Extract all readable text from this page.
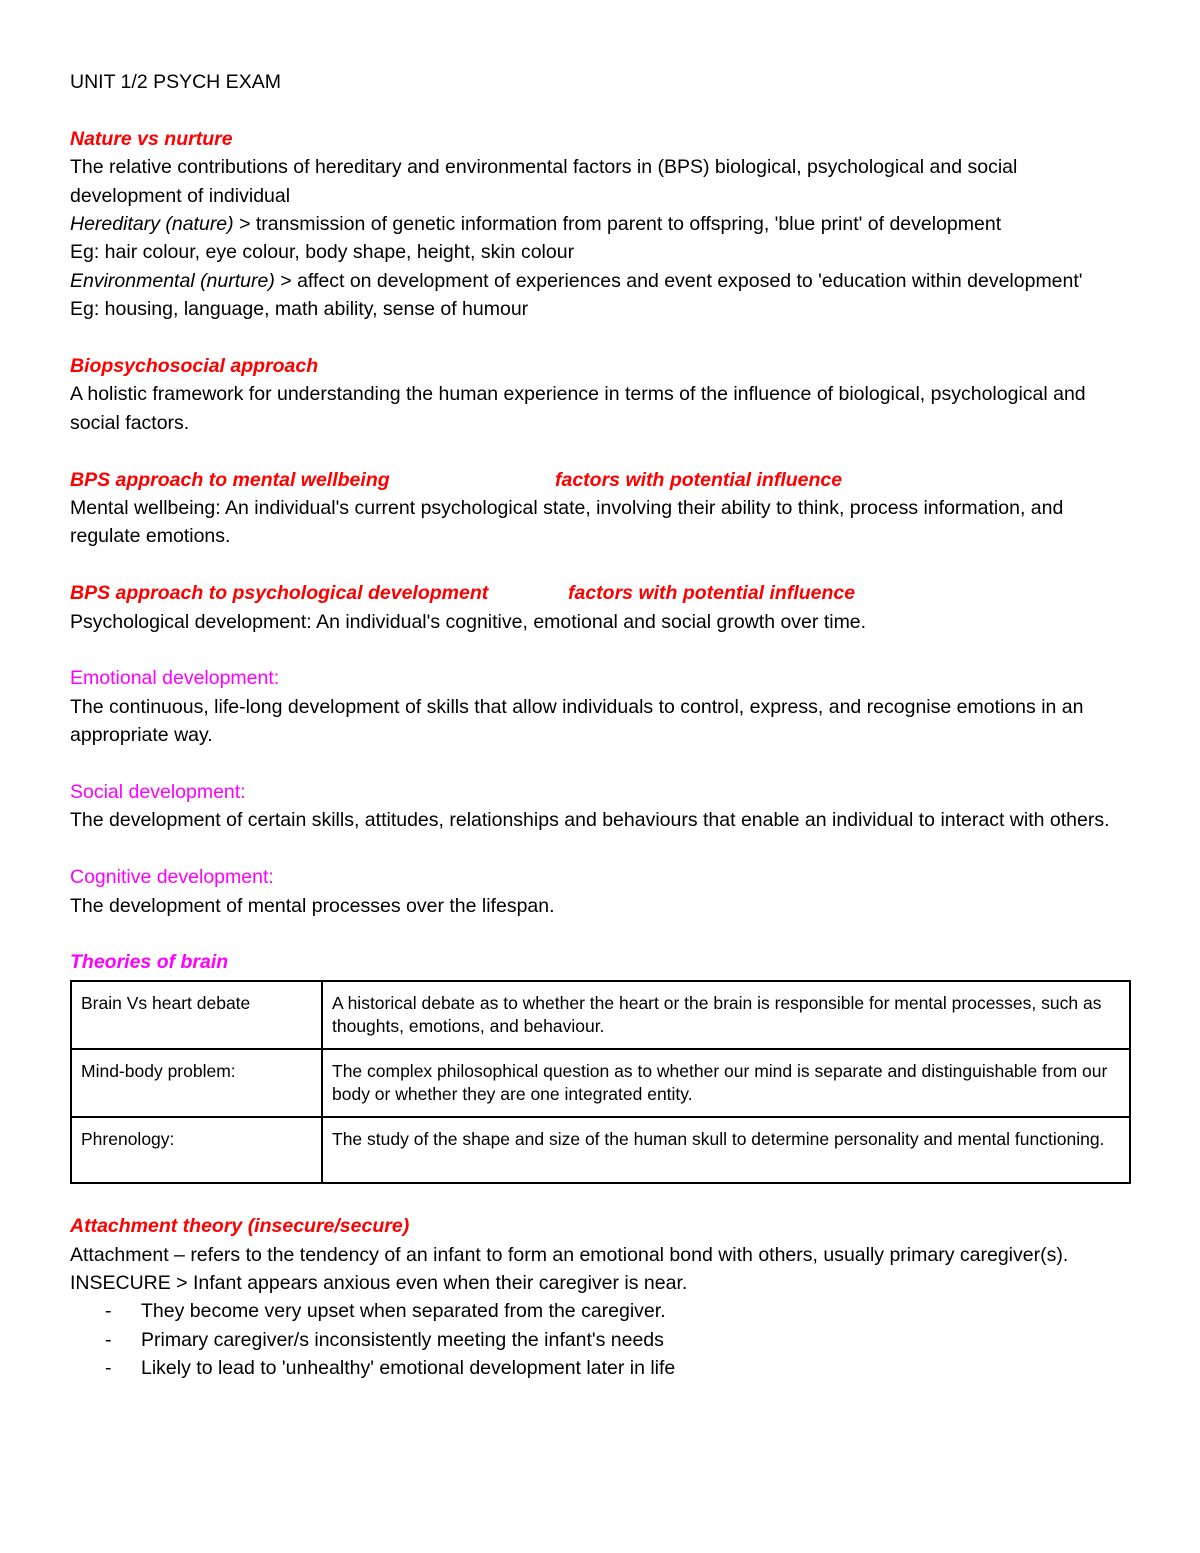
UNIT 1/2 PSYCH EXAM

Nature vs nurture

The relative contributions of hereditary and environmental factors in (BPS) biological, psychological and social development of individual

Hereditary (nature) > transmission of genetic information from parent to offspring, 'blue print' of development

Eg: hair colour, eye colour, body shape, height, skin colour

Environmental (nurture) > affect on development of experiences and event exposed to 'education within development'

Eg: housing, language, math ability, sense of humour

Biopsychosocial approach

A holistic framework for understanding the human experience in terms of the influence of biological, psychological and social factors.

BPS approach to mental wellbeing	factors with potential influence

Mental wellbeing: An individual's current psychological state, involving their ability to think, process information, and regulate emotions.

BPS approach to psychological development	factors with potential influence

Psychological development: An individual's cognitive, emotional and social growth over time.

Emotional development:

The continuous, life-long development of skills that allow individuals to control, express, and recognise emotions in an appropriate way.

Social development:

The development of certain skills, attitudes, relationships and behaviours that enable an individual to interact with others.

Cognitive development:

The development of mental processes over the lifespan.

Theories of brain

Brain Vs heart debate	A historical debate as to whether the heart or the brain is responsible for mental processes, such as thoughts, emotions, and behaviour.
Mind-body problem:	The complex philosophical question as to whether our mind is separate and distinguishable from our body or whether they are one integrated entity.
Phrenology:	The study of the shape and size of the human skull to determine personality and mental functioning.

Attachment theory (insecure/secure)

Attachment – refers to the tendency of an infant to form an emotional bond with others, usually primary caregiver(s).

INSECURE > Infant appears anxious even when their caregiver is near.

- They become very upset when separated from the caregiver.
- Primary caregiver/s inconsistently meeting the infant's needs
- Likely to lead to 'unhealthy' emotional development later in life
